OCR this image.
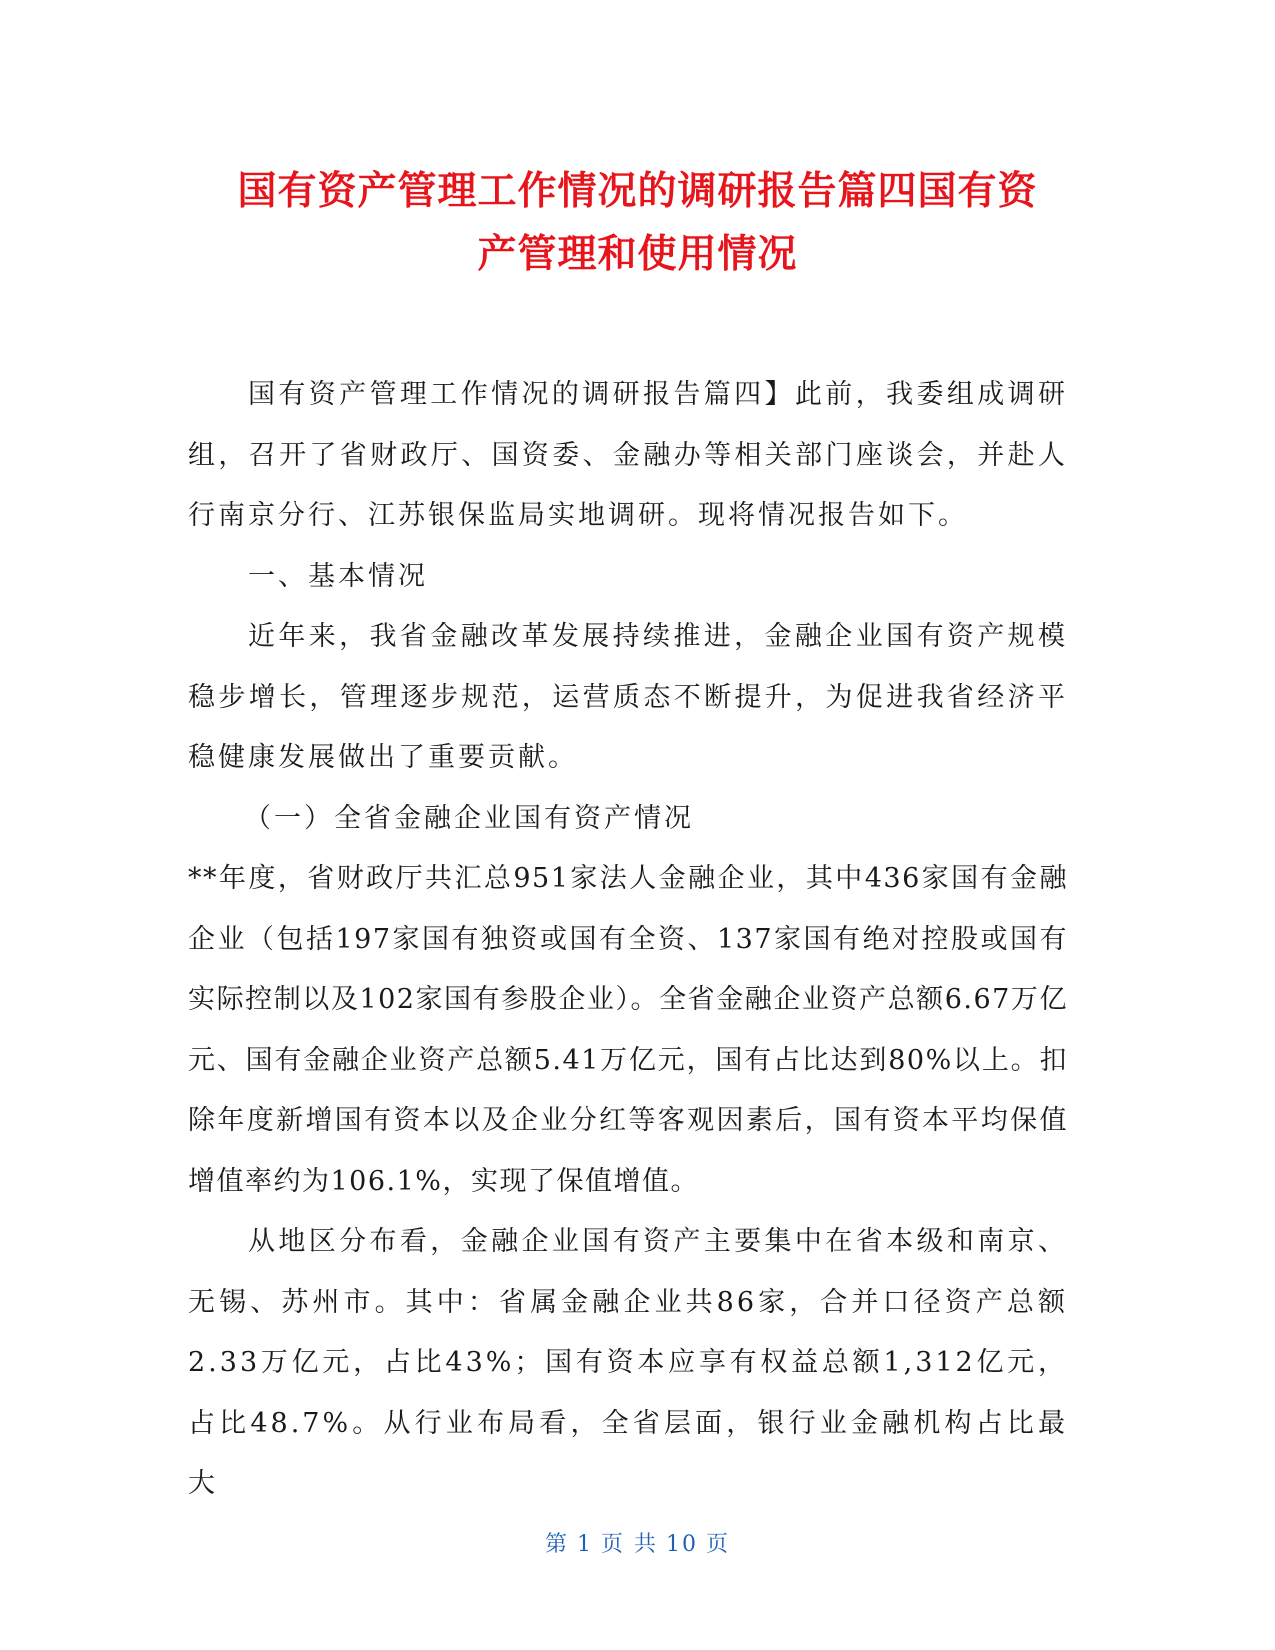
国有资产管理工作情况的调研报告篇四国有资
产管理和使用情况

国有资产管理工作情况的调研报告篇四】此前，我委组成调研组，召开了省财政厅、国资委、金融办等相关部门座谈会，并赴人行南京分行、江苏银保监局实地调研。现将情况报告如下。

一、基本情况

近年来，我省金融改革发展持续推进，金融企业国有资产规模稳步增长，管理逐步规范，运营质态不断提升，为促进我省经济平稳健康发展做出了重要贡献。

（一）全省金融企业国有资产情况

**年度，省财政厅共汇总951家法人金融企业，其中436家国有金融企业（包括197家国有独资或国有全资、137家国有绝对控股或国有实际控制以及102家国有参股企业）。全省金融企业资产总额6.67万亿元、国有金融企业资产总额5.41万亿元，国有占比达到80%以上。扣除年度新增国有资本以及企业分红等客观因素后，国有资本平均保值增值率约为106.1%，实现了保值增值。

从地区分布看，金融企业国有资产主要集中在省本级和南京、无锡、苏州市。其中：省属金融企业共86家，合并口径资产总额2.33万亿元，占比43%；国有资本应享有权益总额1,312亿元，占比48.7%。从行业布局看，全省层面，银行业金融机构占比最大

第 1 页 共 10 页
